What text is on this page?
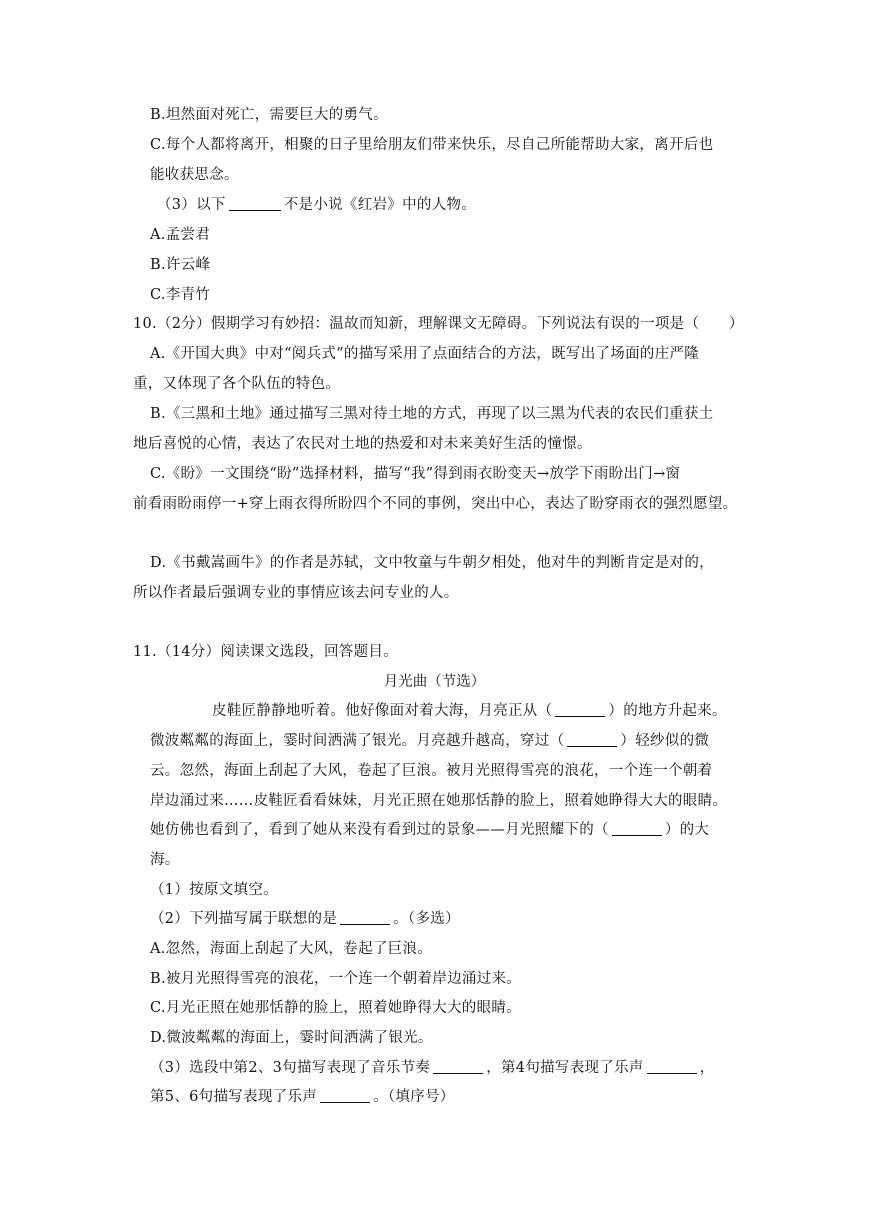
B.坦然面对死亡，需要巨大的勇气。
C.每个人都将离开，相聚的日子里给朋友们带来快乐，尽自己所能帮助大家，离开后也
能收获思念。
（3）以下	不是小说《红岩》中的人物。
A.孟尝君
B.许云峰
C.李青竹
10.（2分）假期学习有妙招：温故而知新，理解课文无障碍。下列说法有误的一项是（　　）
A.《开国大典》中对“阅兵式”的描写采用了点面结合的方法，既写出了场面的庄严隆
重，又体现了各个队伍的特色。
B.《三黑和土地》通过描写三黑对待土地的方式，再现了以三黑为代表的农民们重获土
地后喜悦的心情，表达了农民对土地的热爱和对未来美好生活的憧憬。
C.《盼》一文围绕“盼”选择材料，描写“我”得到雨衣盼变天→放学下雨盼出门→窗
前看雨盼雨停一+穿上雨衣得所盼四个不同的事例，突出中心，表达了盼穿雨衣的强烈愿望。
D.《书戴嵩画牛》的作者是苏轼，文中牧童与牛朝夕相处，他对牛的判断肯定是对的，
所以作者最后强调专业的事情应该去问专业的人。
11.（14分）阅读课文选段，回答题目。
月光曲（节选）
皮鞋匠静静地听着。他好像面对着大海，月亮正从（	）的地方升起来。
微波粼粼的海面上，霎时间洒满了银光。月亮越升越高，穿过（	）轻纱似的微
云。忽然，海面上刮起了大风，卷起了巨浪。被月光照得雪亮的浪花，一个连一个朝着
岸边涌过来……皮鞋匠看看妹妹，月光正照在她那恬静的脸上，照着她睁得大大的眼睛。
她仿佛也看到了，看到了她从来没有看到过的景象——月光照耀下的（	）的大
海。
（1）按原文填空。
（2）下列描写属于联想的是	。（多选）
A.忽然，海面上刮起了大风，卷起了巨浪。
B.被月光照得雪亮的浪花，一个连一个朝着岸边涌过来。
C.月光正照在她那恬静的脸上，照着她睁得大大的眼睛。
D.微波粼粼的海面上，霎时间洒满了银光。
（3）选段中第2、3句描写表现了音乐节奏	，第4句描写表现了乐声	，
第5、6句描写表现了乐声	。（填序号）
